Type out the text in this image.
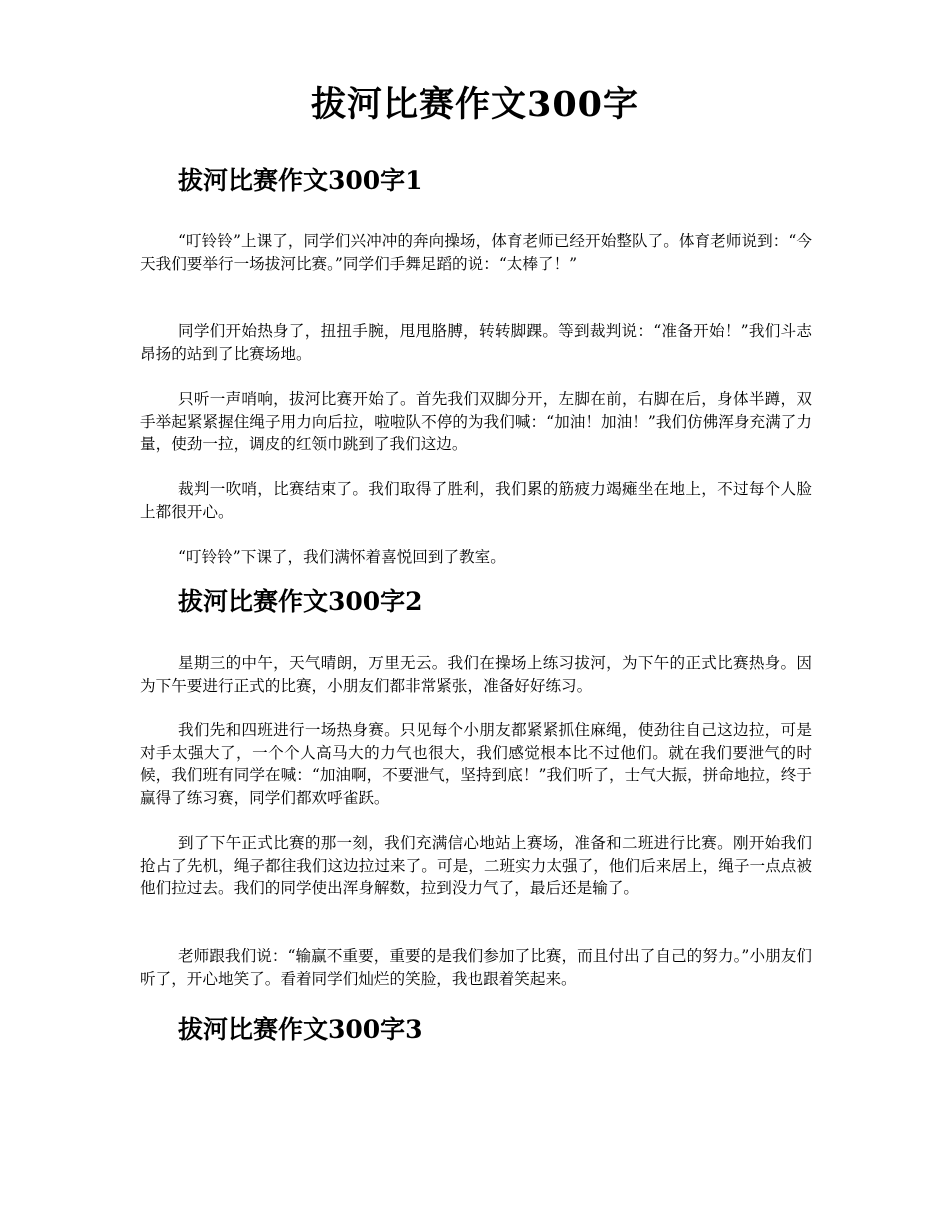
拔河比赛作文300字
拔河比赛作文300字1

“叮铃铃”上课了，同学们兴冲冲的奔向操场，体育老师已经开始整队了。体育老师说到：“今天我们要举行一场拔河比赛。”同学们手舞足蹈的说：“太棒了！”

同学们开始热身了，扭扭手腕，甩甩胳膊，转转脚踝。等到裁判说：“准备开始！”我们斗志昂扬的站到了比赛场地。

只听一声哨响，拔河比赛开始了。首先我们双脚分开，左脚在前，右脚在后，身体半蹲，双手举起紧紧握住绳子用力向后拉，啦啦队不停的为我们喊：“加油！加油！”我们仿佛浑身充满了力量，使劲一拉，调皮的红领巾跳到了我们这边。

裁判一吹哨，比赛结束了。我们取得了胜利，我们累的筋疲力竭瘫坐在地上，不过每个人脸上都很开心。

“叮铃铃”下课了，我们满怀着喜悦回到了教室。

拔河比赛作文300字2

星期三的中午，天气晴朗，万里无云。我们在操场上练习拔河，为下午的正式比赛热身。因为下午要进行正式的比赛，小朋友们都非常紧张，准备好好练习。

我们先和四班进行一场热身赛。只见每个小朋友都紧紧抓住麻绳，使劲往自己这边拉，可是对手太强大了，一个个人高马大的力气也很大，我们感觉根本比不过他们。就在我们要泄气的时候，我们班有同学在喊：“加油啊，不要泄气，坚持到底！”我们听了，士气大振，拼命地拉，终于赢得了练习赛，同学们都欢呼雀跃。

到了下午正式比赛的那一刻，我们充满信心地站上赛场，准备和二班进行比赛。刚开始我们抢占了先机，绳子都往我们这边拉过来了。可是，二班实力太强了，他们后来居上，绳子一点点被他们拉过去。我们的同学使出浑身解数，拉到没力气了，最后还是输了。

老师跟我们说：“输赢不重要，重要的是我们参加了比赛，而且付出了自己的努力。”小朋友们听了，开心地笑了。看着同学们灿烂的笑脸，我也跟着笑起来。

拔河比赛作文300字3
